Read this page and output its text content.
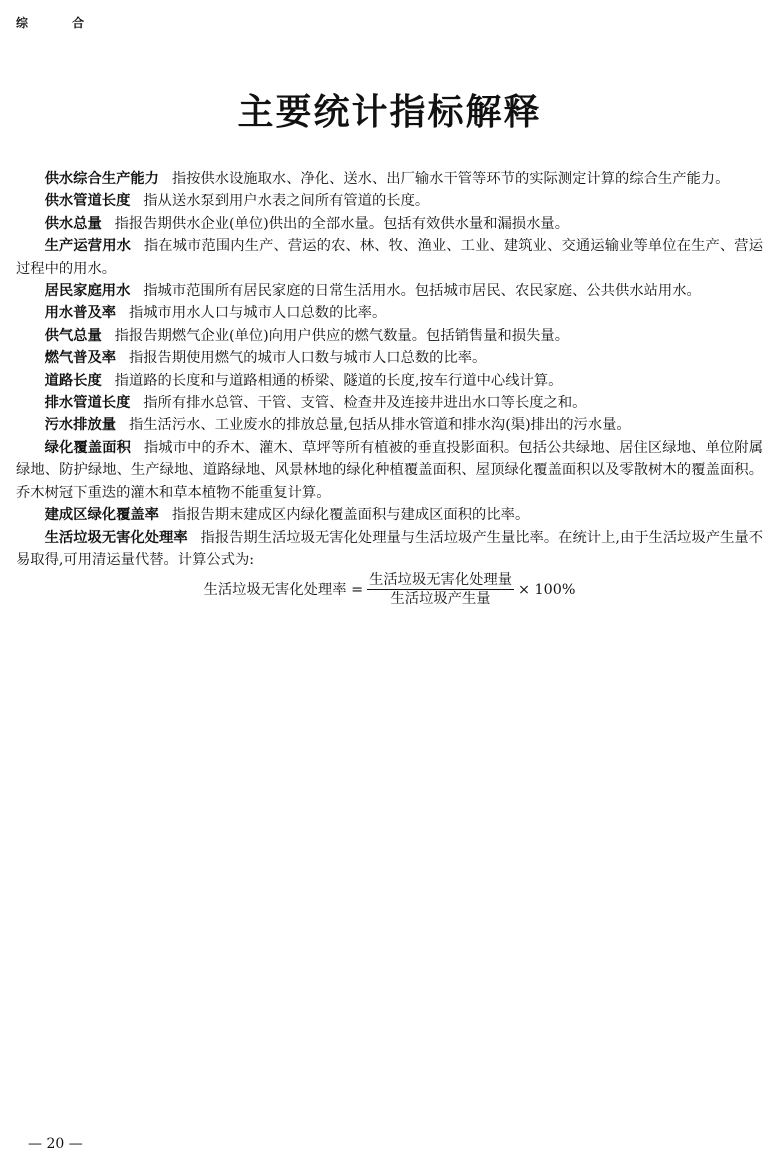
综 合
主要统计指标解释

供水综合生产能力 指按供水设施取水、净化、送水、出厂输水干管等环节的实际测定计算的综合生产能力。

供水管道长度 指从送水泵到用户水表之间所有管道的长度。

供水总量 指报告期供水企业(单位)供出的全部水量。包括有效供水量和漏损水量。

生产运营用水 指在城市范围内生产、营运的农、林、牧、渔业、工业、建筑业、交通运输业等单位在生产、营运过程中的用水。

居民家庭用水 指城市范围所有居民家庭的日常生活用水。包括城市居民、农民家庭、公共供水站用水。

用水普及率 指城市用水人口与城市人口总数的比率。

供气总量 指报告期燃气企业(单位)向用户供应的燃气数量。包括销售量和损失量。

燃气普及率 指报告期使用燃气的城市人口数与城市人口总数的比率。

道路长度 指道路的长度和与道路相通的桥梁、隧道的长度,按车行道中心线计算。

排水管道长度 指所有排水总管、干管、支管、检查井及连接井进出水口等长度之和。

污水排放量 指生活污水、工业废水的排放总量,包括从排水管道和排水沟(渠)排出的污水量。

绿化覆盖面积 指城市中的乔木、灌木、草坪等所有植被的垂直投影面积。包括公共绿地、居住区绿地、单位附属绿地、防护绿地、生产绿地、道路绿地、风景林地的绿化种植覆盖面积、屋顶绿化覆盖面积以及零散树木的覆盖面积。乔木树冠下重迭的灌木和草本植物不能重复计算。

建成区绿化覆盖率 指报告期末建成区内绿化覆盖面积与建成区面积的比率。

生活垃圾无害化处理率 指报告期生活垃圾无害化处理量与生活垃圾产生量比率。在统计上,由于生活垃圾产生量不易取得,可用清运量代替。计算公式为:

生活垃圾无害化处理率 = $\frac{\text{生活垃圾无害化处理量}}{\text{生活垃圾产生量}} \times 100\%$
— 20 —
